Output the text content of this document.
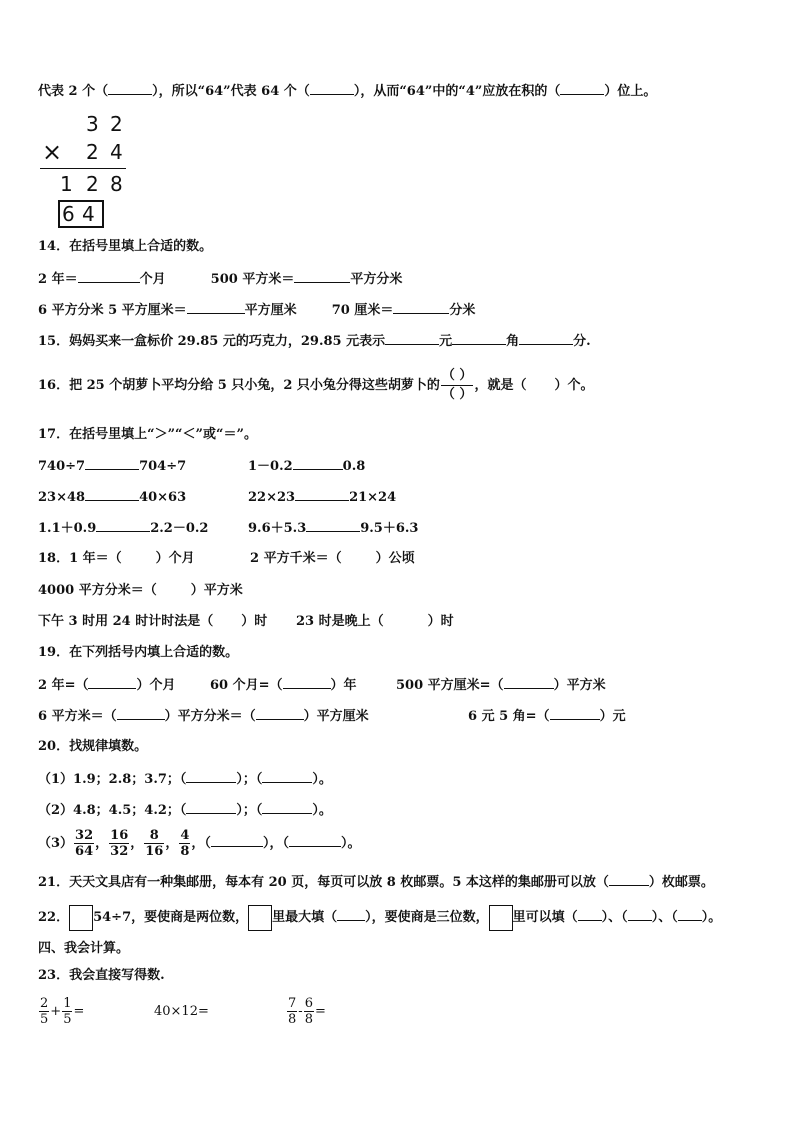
代表 2 个（	），所以“64”代表 64 个（	），从而“64”中的“4”应放在积的（	）位上。
3 2
× 2 4
1 2 8
6 4
14．在括号里填上合适的数。
2 年＝	个月	500 平方米＝	平方分米
6 平方分米 5 平方厘米＝	平方厘米	70 厘米＝	分米
15．妈妈买来一盒标价 29.85 元的巧克力，29.85 元表示	元	角	分.
16．把 25 个胡萝卜平均分给 5 只小兔，2 只小兔分得这些胡萝卜的 $\frac{( )}{( )}$ ，就是（ ）个。
17．在括号里填上“＞”“＜”或“＝”。
740÷7	704÷7	1－0.2	0.8
23×48	40×63	22×23	21×24
1.1＋0.9	2.2－0.2	9.6＋5.3	9.5＋6.3
18．1 年＝（	）个月	2 平方千米＝（	）公顷
4000 平方分米＝（	）平方米
下午 3 时用 24 时计时法是（ ）时 23 时是晚上（	）时
19．在下列括号内填上合适的数。
2 年=（	）个月	60 个月=（	）年	500 平方厘米=（	）平方米
6 平方米＝（	）平方分米＝（	）平方厘米	6 元 5 角=（	）元
20．找规律填数。
（1）1.9；2.8；3.7；（	）；（	）。
（2）4.8；4.5；4.2；（	）；（	）。
$(3) \frac{32}{64}$ ， $\frac{16}{32}$ ， $\frac{8}{16}$ ， $\frac{4}{8}$ ，（	），（	）。
21．天天文具店有一种集邮册，每本有 20 页，每页可以放 8 枚邮票。5 本这样的集邮册可以放（	）枚邮票。
22． 54÷7，要使商是两位数， 里最大填（ ），要使商是三位数， 里可以填（ ）、（ ）、（ ）。
四、我会计算。
23．我会直接写得数.
$\frac{2}{5} + \frac{1}{5}$ =	40×12=	$\frac{7}{8} - \frac{6}{8}$ =
